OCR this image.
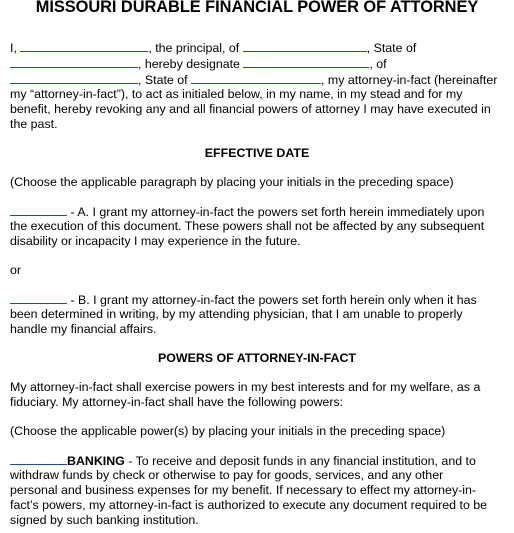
MISSOURI DURABLE FINANCIAL POWER OF ATTORNEY
I,	, the principal, of	, State of
, hereby designate	, of
, State of	, my attorney-in-fact (hereinafter
my “attorney-in-fact”), to act as initialed below, in my name, in my stead and for my
benefit, hereby revoking any and all financial powers of attorney I may have executed in
the past.
EFFECTIVE DATE
(Choose the applicable paragraph by placing your initials in the preceding space)
- A. I grant my attorney-in-fact the powers set forth herein immediately upon
the execution of this document. These powers shall not be affected by any subsequent
disability or incapacity I may experience in the future.
or
- B. I grant my attorney-in-fact the powers set forth herein only when it has
been determined in writing, by my attending physician, that I am unable to properly
handle my financial affairs.
POWERS OF ATTORNEY-IN-FACT
My attorney-in-fact shall exercise powers in my best interests and for my welfare, as a
fiduciary. My attorney-in-fact shall have the following powers:
(Choose the applicable power(s) by placing your initials in the preceding space)
BANKING - To receive and deposit funds in any financial institution, and to
withdraw funds by check or otherwise to pay for goods, services, and any other
personal and business expenses for my benefit. If necessary to effect my attorney-in-
fact’s powers, my attorney-in-fact is authorized to execute any document required to be
signed by such banking institution.
